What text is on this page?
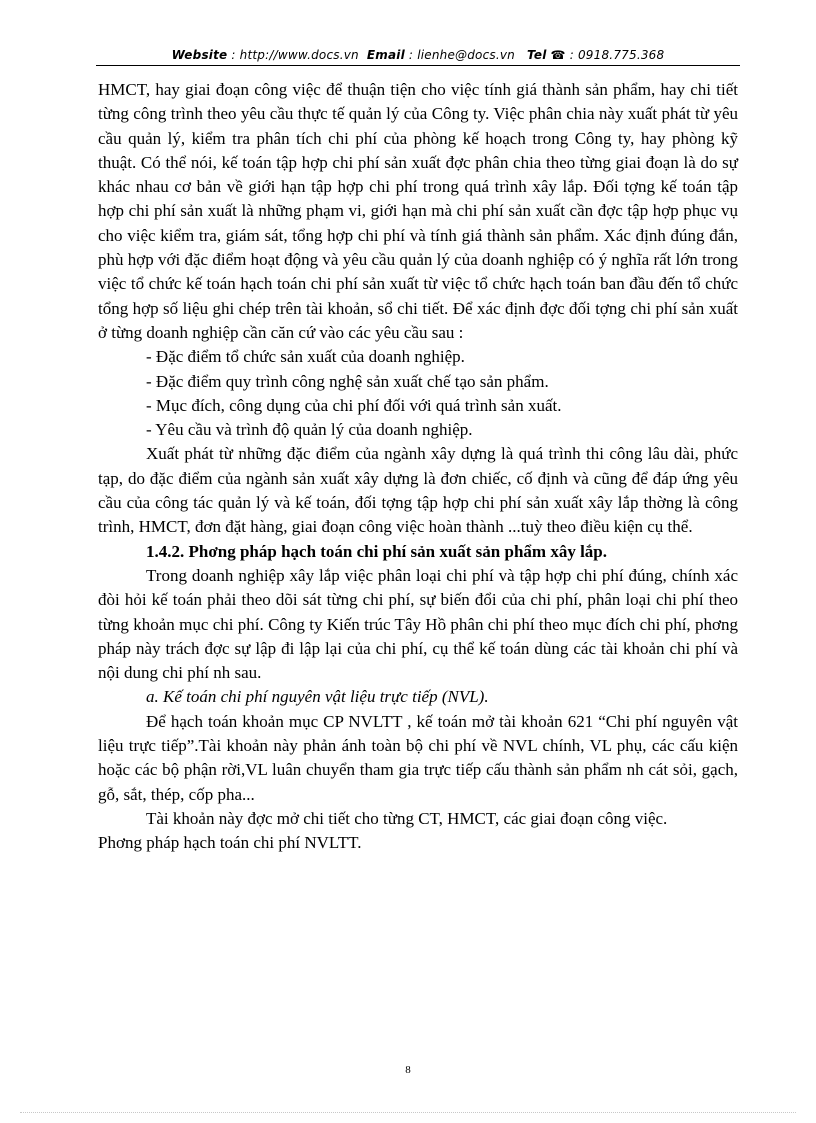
Website : http://www.docs.vn Email : lienhe@docs.vn Tel ☎ : 0918.775.368

HMCT, hay giai đoạn công việc để thuận tiện cho việc tính giá thành sản phẩm, hay chi tiết từng công trình theo yêu cầu thực tế quản lý của Công ty. Việc phân chia này xuất phát từ yêu cầu quản lý, kiểm tra phân tích chi phí của phòng kế hoạch trong Công ty, hay phòng kỹ thuật. Có thể nói, kế toán tập hợp chi phí sản xuất đợc phân chia theo từng giai đoạn là do sự khác nhau cơ bản về giới hạn tập hợp chi phí trong quá trình xây lắp. Đối tợng kế toán tập hợp chi phí sản xuất là những phạm vi, giới hạn mà chi phí sản xuất cần đợc tập hợp phục vụ cho việc kiểm tra, giám sát, tổng hợp chi phí và tính giá thành sản phẩm. Xác định đúng đắn, phù hợp với đặc điểm hoạt động và yêu cầu quản lý của doanh nghiệp có ý nghĩa rất lớn trong việc tổ chức kế toán hạch toán chi phí sản xuất từ việc tổ chức hạch toán ban đầu đến tổ chức tổng hợp số liệu ghi chép trên tài khoản, sổ chi tiết. Để xác định đợc đối tợng chi phí sản xuất ở từng doanh nghiệp cần căn cứ vào các yêu cầu sau :

- Đặc điểm tổ chức sản xuất của doanh nghiệp.

- Đặc điểm quy trình công nghệ sản xuất chế tạo sản phẩm.

- Mục đích, công dụng của chi phí đối với quá trình sản xuất.

- Yêu cầu và trình độ quản lý của doanh nghiệp.

Xuất phát từ những đặc điểm của ngành xây dựng là quá trình thi công lâu dài, phức tạp, do đặc điểm của ngành sản xuất xây dựng là đơn chiếc, cố định và cũng để đáp ứng yêu cầu của công tác quản lý và kế toán, đối tợng tập hợp chi phí sản xuất xây lắp thờng là công trình, HMCT, đơn đặt hàng, giai đoạn công việc hoàn thành ...tuỳ theo điều kiện cụ thể.

1.4.2. Phơng pháp hạch toán chi phí sản xuất sản phẩm xây lắp.

Trong doanh nghiệp xây lắp việc phân loại chi phí và tập hợp chi phí đúng, chính xác đòi hỏi kế toán phải theo dõi sát từng chi phí, sự biến đổi của chi phí, phân loại chi phí theo từng khoản mục chi phí. Công ty Kiến trúc Tây Hồ phân chi phí theo mục đích chi phí, phơng pháp này trách đợc sự lập đi lập lại của chi phí, cụ thể kế toán dùng các tài khoản chi phí và nội dung chi phí nh sau.

a. Kế toán chi phí nguyên vật liệu trực tiếp (NVL).

Để hạch toán khoản mục CP NVLTT , kế toán mở tài khoản 621 “Chi phí nguyên vật liệu trực tiếp”.Tài khoản này phản ánh toàn bộ chi phí về NVL chính, VL phụ, các cấu kiện hoặc các bộ phận rời,VL luân chuyển tham gia trực tiếp cấu thành sản phẩm nh cát sỏi, gạch, gỗ, sắt, thép, cốp pha...

Tài khoản này đợc mở chi tiết cho từng CT, HMCT, các giai đoạn công việc.

Phơng pháp hạch toán chi phí NVLTT.

8
